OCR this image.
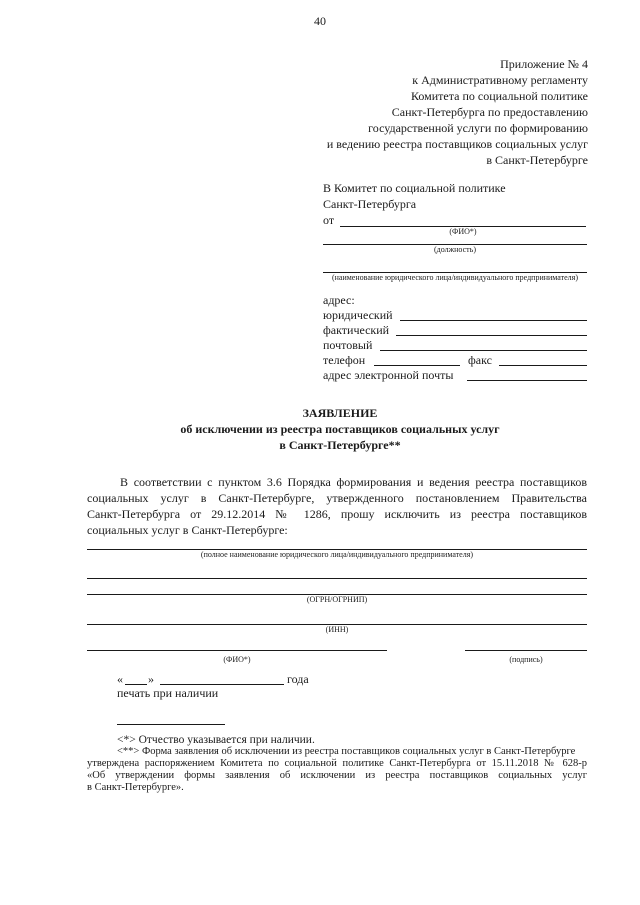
40
Приложение № 4
к Административному регламенту
Комитета по социальной политике
Санкт-Петербурга по предоставлению
государственной услуги по формированию
и ведению реестра поставщиков социальных услуг
в Санкт-Петербурге
В Комитет по социальной политике
Санкт-Петербурга
от
(ФИО*)
(должность)
(наименование юридического лица/индивидуального предпринимателя)
адрес:
юридический
фактический
почтовый
телефон	факс
адрес электронной почты
ЗАЯВЛЕНИЕ
об исключении из реестра поставщиков социальных услуг
в Санкт-Петербурге**
В соответствии с пунктом 3.6 Порядка формирования и ведения реестра поставщиков
социальных услуг в Санкт-Петербурге, утвержденного постановлением Правительства
Санкт-Петербурга от 29.12.2014 № 1286, прошу исключить из реестра поставщиков
социальных услуг в Санкт-Петербурге:
(полное наименование юридического лица/индивидуального предпринимателя)
(ОГРН/ОГРНИП)
(ИНН)
(ФИО*)	(подпись)
« »	года
печать при наличии
<*> Отчество указывается при наличии.
<**> Форма заявления об исключении из реестра поставщиков социальных услуг в Санкт-Петербурге
утверждена распоряжением Комитета по социальной политике Санкт-Петербурга от 15.11.2018 № 628-р
«Об утверждении формы заявления об исключении из реестра поставщиков социальных услуг
в Санкт-Петербурге».
